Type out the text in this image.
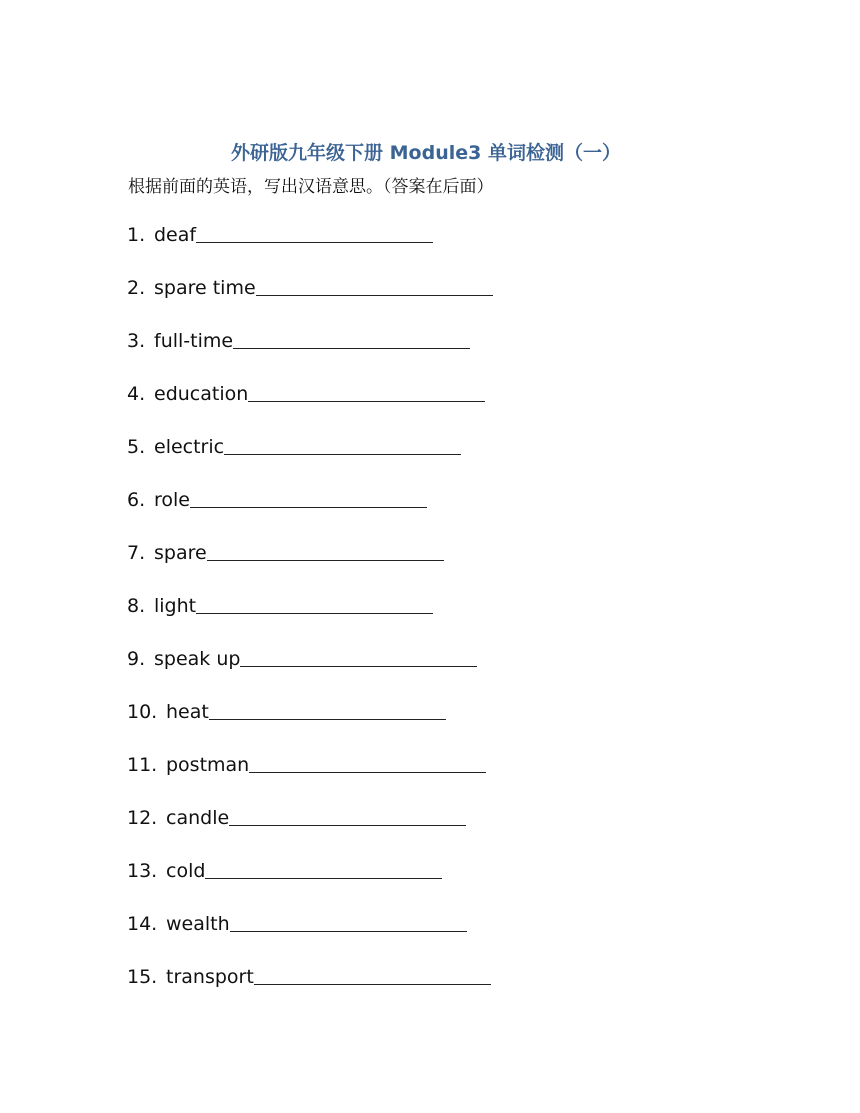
外研版九年级下册 Module3 单词检测（一）
根据前面的英语，写出汉语意思。（答案在后面）
1. deaf
2. spare time
3. full-time
4. education
5. electric
6. role
7. spare
8. light
9. speak up
10. heat
11. postman
12. candle
13. cold
14. wealth
15. transport
